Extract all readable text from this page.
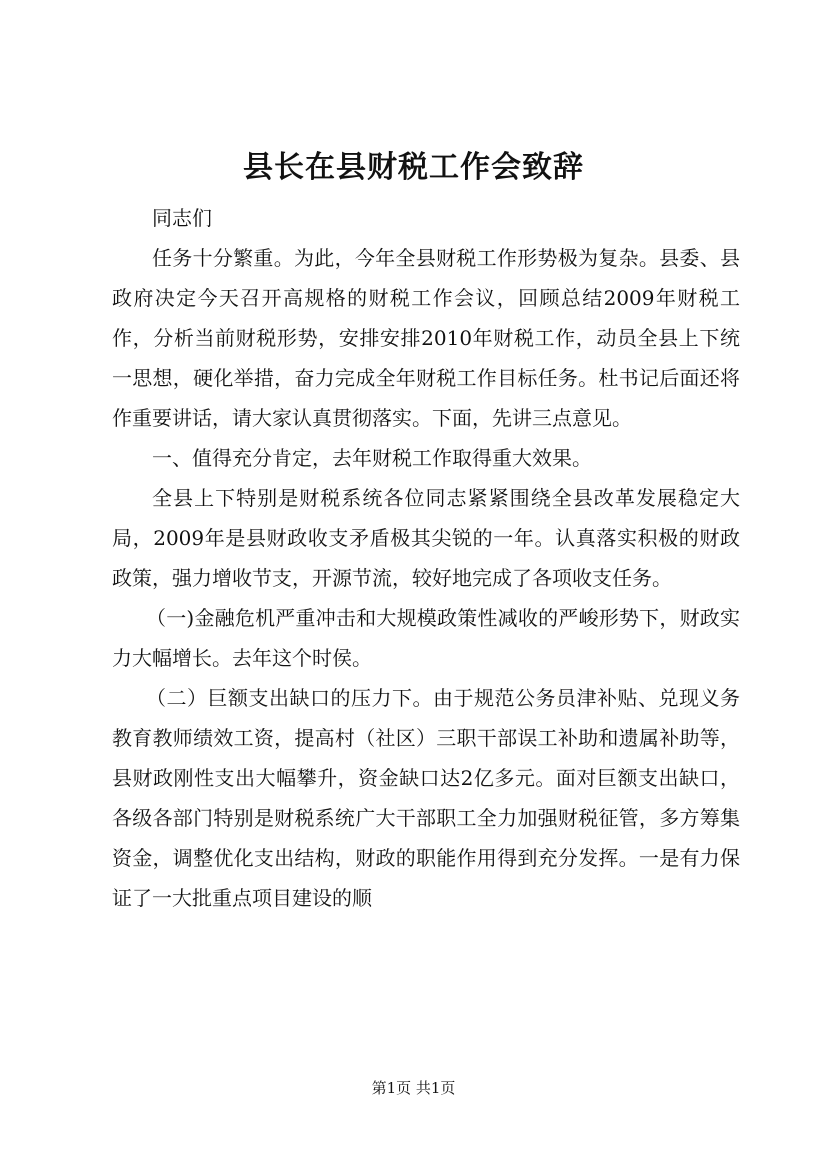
县长在县财税工作会致辞

同志们

任务十分繁重。为此，今年全县财税工作形势极为复杂。县委、县政府决定今天召开高规格的财税工作会议，回顾总结2009年财税工作，分析当前财税形势，安排安排2010年财税工作，动员全县上下统一思想，硬化举措，奋力完成全年财税工作目标任务。杜书记后面还将作重要讲话，请大家认真贯彻落实。下面，先讲三点意见。

一、值得充分肯定，去年财税工作取得重大效果。

全县上下特别是财税系统各位同志紧紧围绕全县改革发展稳定大局，2009年是县财政收支矛盾极其尖锐的一年。认真落实积极的财政政策，强力增收节支，开源节流，较好地完成了各项收支任务。

（一)金融危机严重冲击和大规模政策性减收的严峻形势下，财政实力大幅增长。去年这个时侯。

（二）巨额支出缺口的压力下。由于规范公务员津补贴、兑现义务教育教师绩效工资，提高村（社区）三职干部误工补助和遗属补助等，县财政刚性支出大幅攀升，资金缺口达2亿多元。面对巨额支出缺口，各级各部门特别是财税系统广大干部职工全力加强财税征管，多方筹集资金，调整优化支出结构，财政的职能作用得到充分发挥。一是有力保证了一大批重点项目建设的顺

第1页 共1页
